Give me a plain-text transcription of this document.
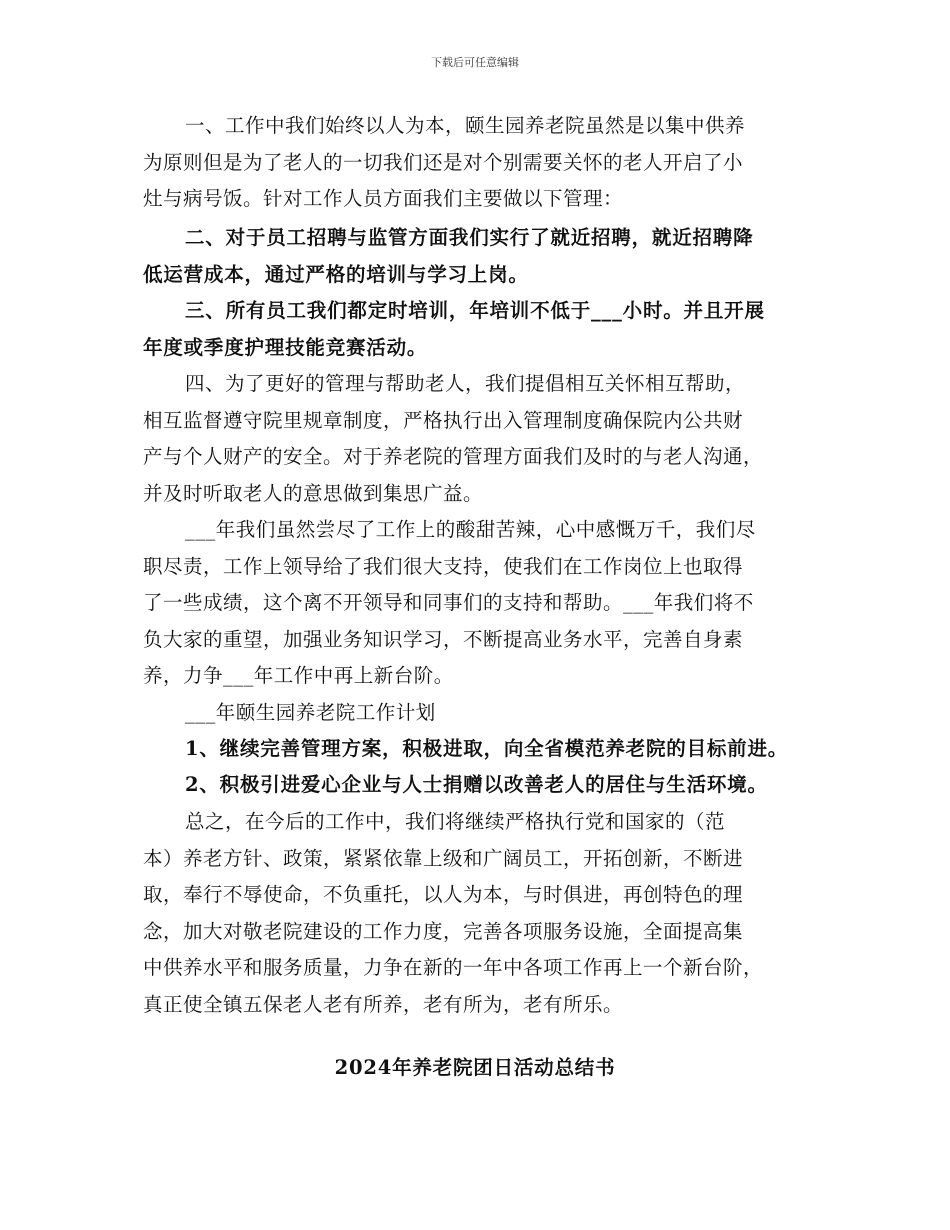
下载后可任意编辑
一、工作中我们始终以人为本，颐生园养老院虽然是以集中供养
为原则但是为了老人的一切我们还是对个别需要关怀的老人开启了小
灶与病号饭。针对工作人员方面我们主要做以下管理：
二、对于员工招聘与监管方面我们实行了就近招聘，就近招聘降
低运营成本，通过严格的培训与学习上岗。
三、所有员工我们都定时培训，年培训不低于___小时。并且开展
年度或季度护理技能竞赛活动。
四、为了更好的管理与帮助老人，我们提倡相互关怀相互帮助，
相互监督遵守院里规章制度，严格执行出入管理制度确保院内公共财
产与个人财产的安全。对于养老院的管理方面我们及时的与老人沟通，
并及时听取老人的意思做到集思广益。
___年我们虽然尝尽了工作上的酸甜苦辣，心中感慨万千，我们尽
职尽责，工作上领导给了我们很大支持，使我们在工作岗位上也取得
了一些成绩，这个离不开领导和同事们的支持和帮助。___年我们将不
负大家的重望，加强业务知识学习，不断提高业务水平，完善自身素
养，力争___年工作中再上新台阶。
___年颐生园养老院工作计划
1、继续完善管理方案，积极进取，向全省模范养老院的目标前进。
2、积极引进爱心企业与人士捐赠以改善老人的居住与生活环境。
总之，在今后的工作中，我们将继续严格执行党和国家的（范
本）养老方针、政策，紧紧依靠上级和广阔员工，开拓创新，不断进
取，奉行不辱使命，不负重托，以人为本，与时俱进，再创特色的理
念，加大对敬老院建设的工作力度，完善各项服务设施，全面提高集
中供养水平和服务质量，力争在新的一年中各项工作再上一个新台阶，
真正使全镇五保老人老有所养，老有所为，老有所乐。
2024年养老院团日活动总结书
